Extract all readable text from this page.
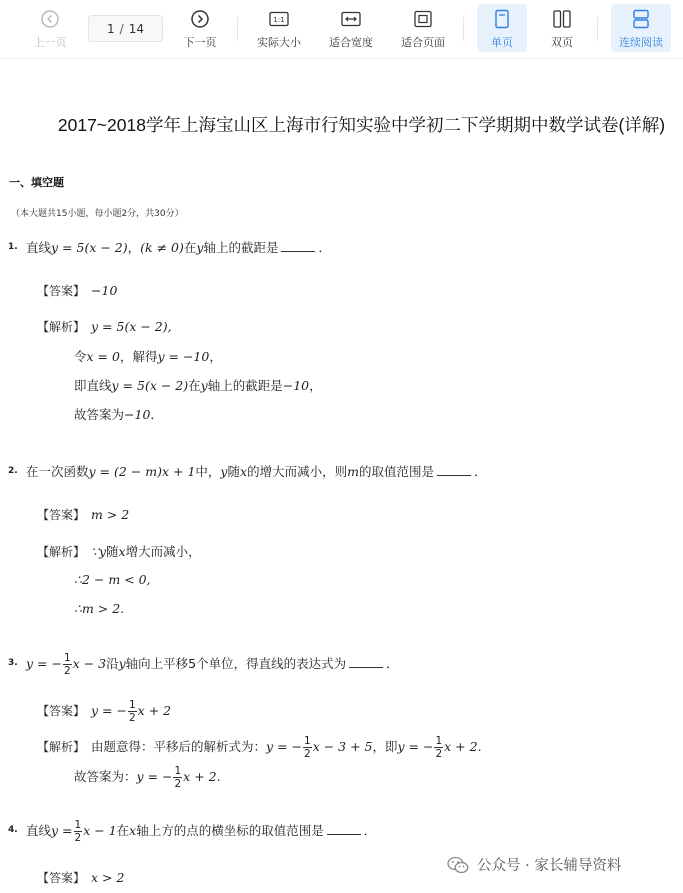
上一页
1 / 14
下一页
1:1
实际大小	适合宽度	适合页面	单页	双页	连续阅读
2017~2018学年上海宝山区上海市行知实验中学初二下学期期中数学试卷(详解)
一、填空题
（本大题共15小题，每小题2分，共30分）
1. 直线y = 5(x − 2)，(k ≠ 0)在y轴上的截距是	．
【答案】 −10
【解析】 y = 5(x − 2),
令x = 0，解得y = −10，
即直线y = 5(x − 2)在y轴上的截距是−10，
故答案为−10．
2. 在一次函数y = (2 − m)x + 1中，y随x的增大而减小，则m的取值范围是	．
【答案】 m > 2
【解析】 ∵y随x增大而减小，
∴2 − m < 0,
∴m > 2.
3. y = − $\frac{1}{2}$ x − 3沿y轴向上平移5个单位，得直线的表达式为	．
【答案】 y = − $\frac{1}{2}$ x + 2
【解析】 由题意得：平移后的解析式为：y = − $\frac{1}{2}$ x − 3 + 5，即y = − $\frac{1}{2}$ x + 2.
故答案为：y = − $\frac{1}{2}$ x + 2.
4. 直线$y = \frac{1}{2}$ x − 1在x轴上方的点的横坐标的取值范围是	．
【答案】 x > 2
公众号 · 家长辅导资料
